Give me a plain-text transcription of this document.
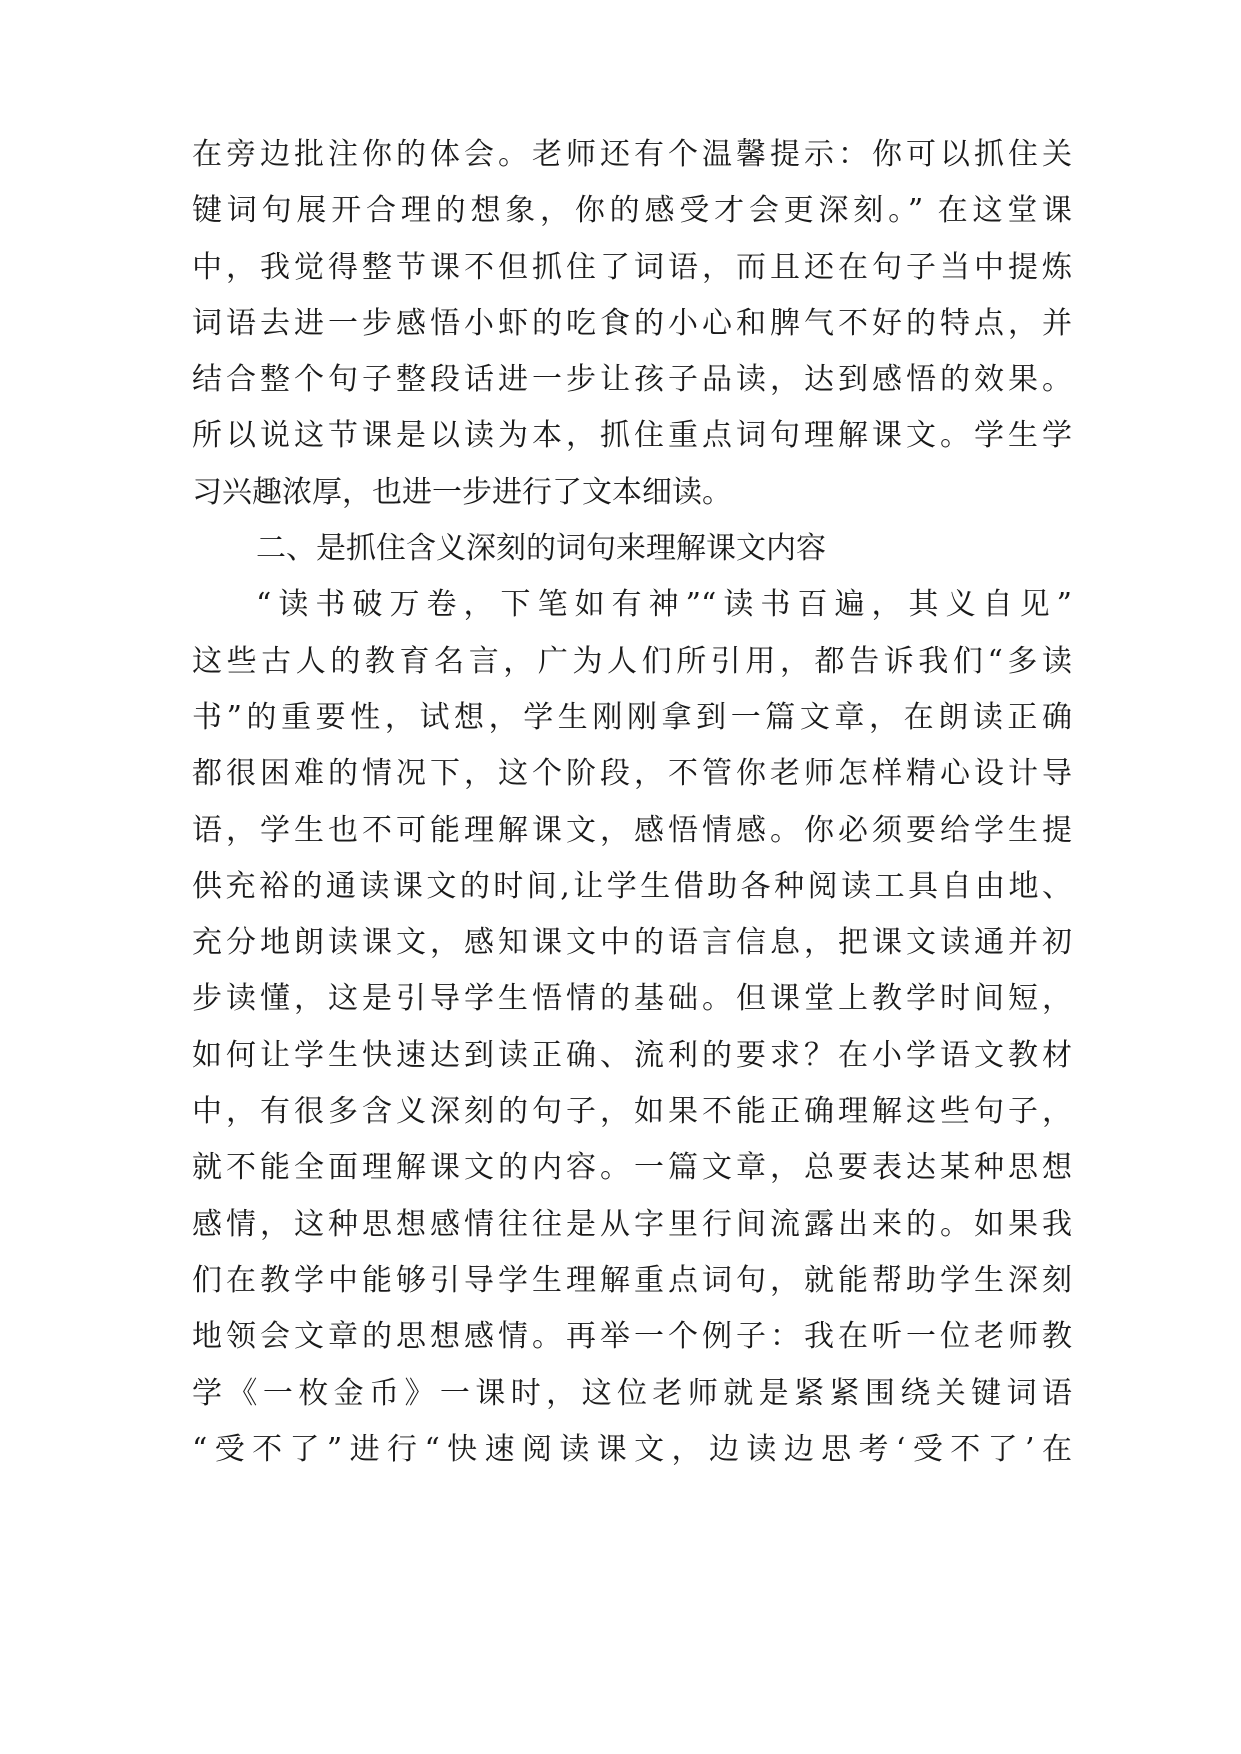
在旁边批注你的体会。老师还有个温馨提示：你可以抓住关
键词句展开合理的想象，你的感受才会更深刻。” 在这堂课
中，我觉得整节课不但抓住了词语，而且还在句子当中提炼
词语去进一步感悟小虾的吃食的小心和脾气不好的特点，并
结合整个句子整段话进一步让孩子品读，达到感悟的效果。
所以说这节课是以读为本，抓住重点词句理解课文。学生学
习兴趣浓厚，也进一步进行了文本细读。
二、是抓住含义深刻的词句来理解课文内容
“读书破万卷，下笔如有神”“读书百遍，其义自见”
这些古人的教育名言，广为人们所引用，都告诉我们“多读
书”的重要性，试想，学生刚刚拿到一篇文章，在朗读正确
都很困难的情况下，这个阶段，不管你老师怎样精心设计导
语，学生也不可能理解课文，感悟情感。你必须要给学生提
供充裕的通读课文的时间,让学生借助各种阅读工具自由地、
充分地朗读课文，感知课文中的语言信息，把课文读通并初
步读懂，这是引导学生悟情的基础。但课堂上教学时间短，
如何让学生快速达到读正确、流利的要求？在小学语文教材
中，有很多含义深刻的句子，如果不能正确理解这些句子，
就不能全面理解课文的内容。一篇文章，总要表达某种思想
感情，这种思想感情往往是从字里行间流露出来的。如果我
们在教学中能够引导学生理解重点词句，就能帮助学生深刻
地领会文章的思想感情。再举一个例子：我在听一位老师教
学《一枚金币》一课时，这位老师就是紧紧围绕关键词语
“受不了”进行“快速阅读课文，边读边思考‘受不了’在
